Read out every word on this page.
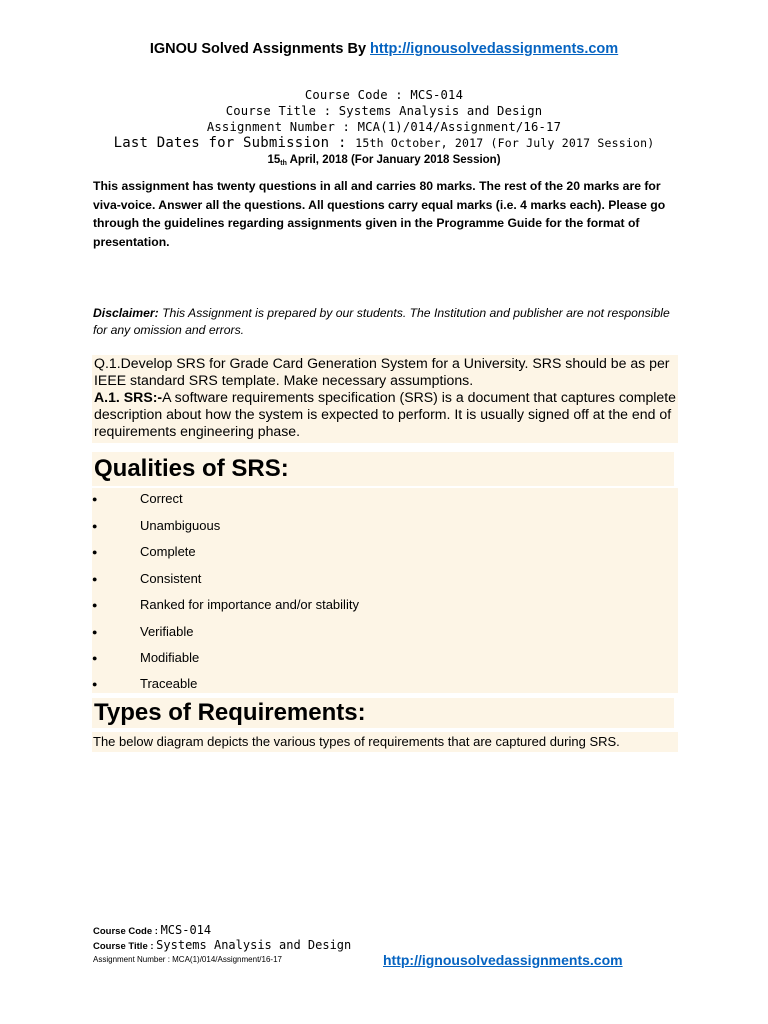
IGNOU Solved Assignments By http://ignousolvedassignments.com
Course Code : MCS-014
Course Title : Systems Analysis and Design
Assignment Number : MCA(1)/014/Assignment/16-17
Last Dates for Submission : 15th October, 2017 (For July 2017 Session)
$15_{th}$ April, 2018 (For January 2018 Session)
This assignment has twenty questions in all and carries 80 marks. The rest of the 20 marks are for viva-voice. Answer all the questions. All questions carry equal marks (i.e. 4 marks each). Please go through the guidelines regarding assignments given in the Programme Guide for the format of presentation.
Disclaimer: This Assignment is prepared by our students. The Institution and publisher are not responsible for any omission and errors.
Q.1.Develop SRS for Grade Card Generation System for a University. SRS should be as per IEEE standard SRS template. Make necessary assumptions.
A.1. SRS:-A software requirements specification (SRS) is a document that captures complete description about how the system is expected to perform. It is usually signed off at the end of requirements engineering phase.
Qualities of SRS:
●	Correct
●	Unambiguous
●	Complete
●	Consistent
●	Ranked for importance and/or stability
●	Verifiable
●	Modifiable
●	Traceable
Types of Requirements:
The below diagram depicts the various types of requirements that are captured during SRS.
Course Code : MCS-014
Course Title : Systems Analysis and Design
Assignment Number : MCA(1)/014/Assignment/16-17	http://ignousolvedassignments.com
